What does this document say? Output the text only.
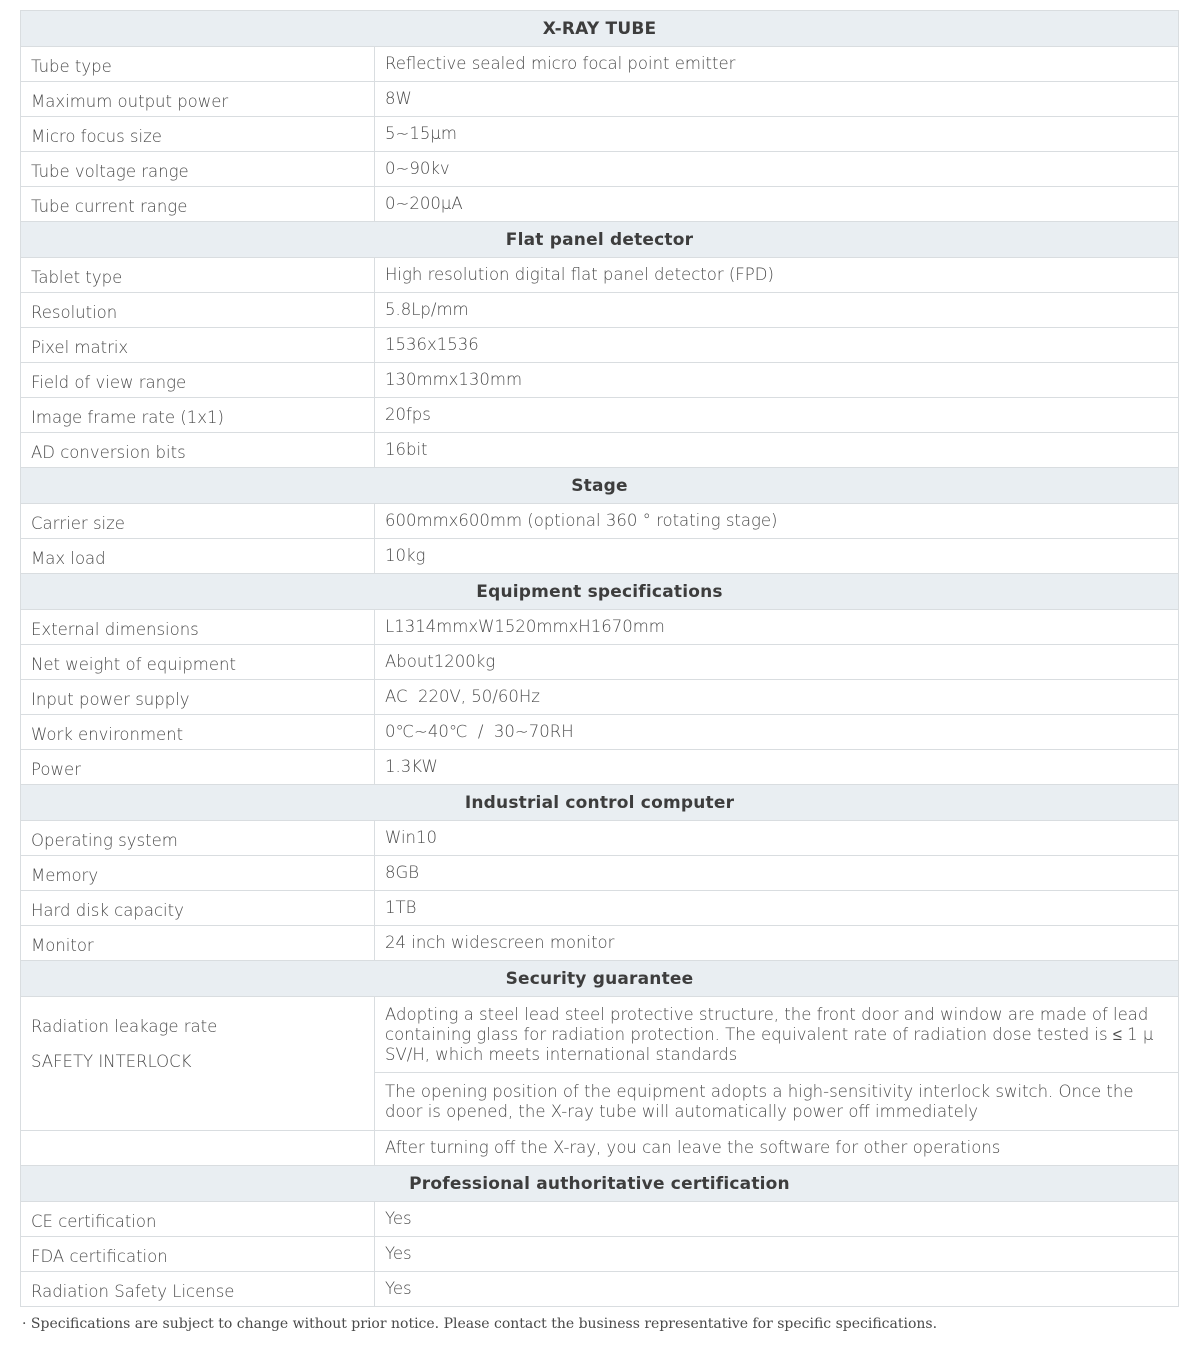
X-RAY TUBE	
Tube type	Reflective sealed micro focal point emitter
Maximum output power	8W
Micro focus size	5~15μm
Tube voltage range	0~90kv
Tube current range	0~200μA
Flat panel detector	
Tablet type	High resolution digital flat panel detector (FPD)
Resolution	5.8Lp/mm
Pixel matrix	1536x1536
Field of view range	130mmx130mm
Image frame rate (1x1)	20fps
AD conversion bits	16bit
Stage	
Carrier size	600mmx600mm (optional 360 ° rotating stage)
Max load	10kg
Equipment specifications	
External dimensions	L1314mmxW1520mmxH1670mm
Net weight of equipment	About1200kg
Input power supply	AC  220V, 50/60Hz
Work environment	0℃~40℃  /  30~70RH
Power	1.3KW
Industrial control computer	
Operating system	Win10
Memory	8GB
Hard disk capacity	1TB
Monitor	24 inch widescreen monitor
Security guarantee	

Radiation leakage rate
SAFETY INTERLOCK	Adopting a steel lead steel protective structure, the front door and window are made of lead containing glass for radiation protection. The equivalent rate of radiation dose tested is ≤ 1 μ SV/H, which meets international standards
	The opening position of the equipment adopts a high-sensitivity interlock switch. Once the door is opened, the X-ray tube will automatically power off immediately
	After turning off the X-ray, you can leave the software for other operations
Professional authoritative certification	
CE certification	Yes
FDA certification	Yes
Radiation Safety License	Yes
· Specifications are subject to change without prior notice. Please contact the business representative for specific specifications.
